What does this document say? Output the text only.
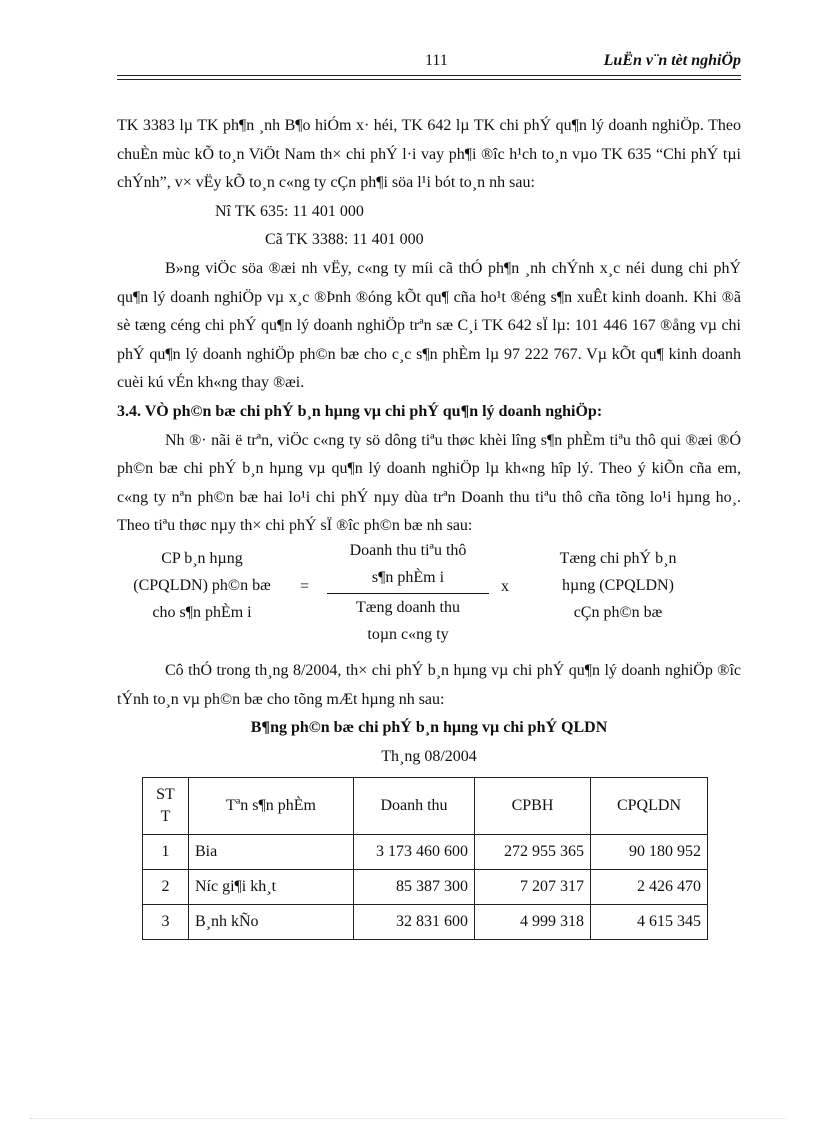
111	LuËn v¨n tèt nghiÖp

TK 3383 lµ TK ph¶n ¸nh B¶o hiÓm x· héi, TK 642 lµ TK chi phÝ qu¶n lý doanh nghiÖp. Theo chuÈn mùc kÕ to¸n ViÖt Nam th× chi phÝ l·i vay ph¶i ®îc h¹ch to¸n vµo TK 635 “Chi phÝ tµi chÝnh”, v× vËy kÕ to¸n c«ng ty cÇn ph¶i söa l¹i bót to¸n nh sau:

Nî TK 635: 11 401 000

Cã TK 3388: 11 401 000

B»ng viÖc söa ®æi nh vËy, c«ng ty míi cã thÓ ph¶n ¸nh chÝnh x¸c néi dung chi phÝ qu¶n lý doanh nghiÖp vµ x¸c ®Þnh ®óng kÕt qu¶ cña ho¹t ®éng s¶n xuÊt kinh doanh. Khi ®ã sè tæng céng chi phÝ qu¶n lý doanh nghiÖp trªn sæ C¸i TK 642 sÏ lµ: 101 446 167 ®ång vµ chi phÝ qu¶n lý doanh nghiÖp ph©n bæ cho c¸c s¶n phÈm lµ 97 222 767. Vµ kÕt qu¶ kinh doanh cuèi kú vÉn kh«ng thay ®æi.

3.4. VÒ ph©n bæ chi phÝ b¸n hµng vµ chi phÝ qu¶n lý doanh nghiÖp:

Nh ®· nãi ë trªn, viÖc c«ng ty sö dông tiªu thøc khèi lîng s¶n phÈm tiªu thô qui ®æi ®Ó ph©n bæ chi phÝ b¸n hµng vµ qu¶n lý doanh nghiÖp lµ kh«ng hîp lý. Theo ý kiÕn cña em, c«ng ty nªn ph©n bæ hai lo¹i chi phÝ nµy dùa trªn Doanh thu tiªu thô cña tõng lo¹i hµng ho¸. Theo tiªu thøc nµy th× chi phÝ sÏ ®îc ph©n bæ nh sau:

CP b¸n hµng
(CPQLDN) ph©n bæ
cho s¶n phÈm i
=
Doanh thu tiªu thô
s¶n phÈm i
Tæng doanh thu
toµn c«ng ty
x
Tæng chi phÝ b¸n
hµng (CPQLDN)
cÇn ph©n bæ

Cô thÓ trong th¸ng 8/2004, th× chi phÝ b¸n hµng vµ chi phÝ qu¶n lý doanh nghiÖp ®îc tÝnh to¸n vµ ph©n bæ cho tõng mÆt hµng nh sau:

B¶ng ph©n bæ chi phÝ b¸n hµng vµ chi phÝ QLDN

Th¸ng 08/2004

ST
T	Tªn s¶n phÈm	Doanh thu	CPBH	CPQLDN
1	Bia	3 173 460 600	272 955 365	90 180 952
2	Níc gi¶i kh¸t	85 387 300	7 207 317	2 426 470
3	B¸nh kÑo	32 831 600	4 999 318	4 615 345
